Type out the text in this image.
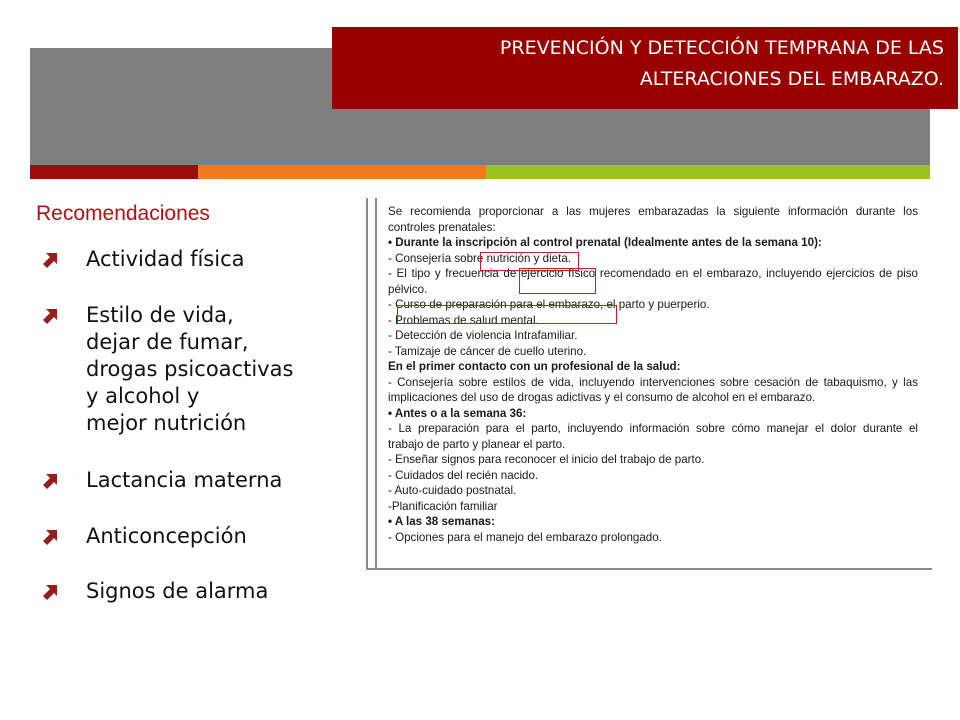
PREVENCIÓN Y DETECCIÓN TEMPRANA DE LAS
ALTERACIONES DEL EMBARAZO.
Recomendaciones
Actividad física
Estilo de vida,
dejar de fumar,
drogas psicoactivas
y alcohol y
mejor nutrición
Lactancia materna
Anticoncepción
Signos de alarma
Se recomienda proporcionar a las mujeres embarazadas la siguiente información durante los
controles prenatales:
• Durante la inscripción al control prenatal (Idealmente antes de la semana 10):
- Consejería sobre nutrición y dieta.
- El tipo y frecuencia de ejercicio físico recomendado en el embarazo, incluyendo ejercicios de piso
pélvico.
- Curso de preparación para el embarazo, el parto y puerperio.
- Problemas de salud mental.
- Detección de violencia Intrafamiliar.
- Tamizaje de cáncer de cuello uterino.
En el primer contacto con un profesional de la salud:
- Consejería sobre estilos de vida, incluyendo intervenciones sobre cesación de tabaquismo, y las
implicaciones del uso de drogas adictivas y el consumo de alcohol en el embarazo.
• Antes o a la semana 36:
- La preparación para el parto, incluyendo información sobre cómo manejar el dolor durante el
trabajo de parto y planear el parto.
- Enseñar signos para reconocer el inicio del trabajo de parto.
- Cuidados del recién nacido.
- Auto-cuidado postnatal.
-Planificación familiar
• A las 38 semanas:
- Opciones para el manejo del embarazo prolongado.
